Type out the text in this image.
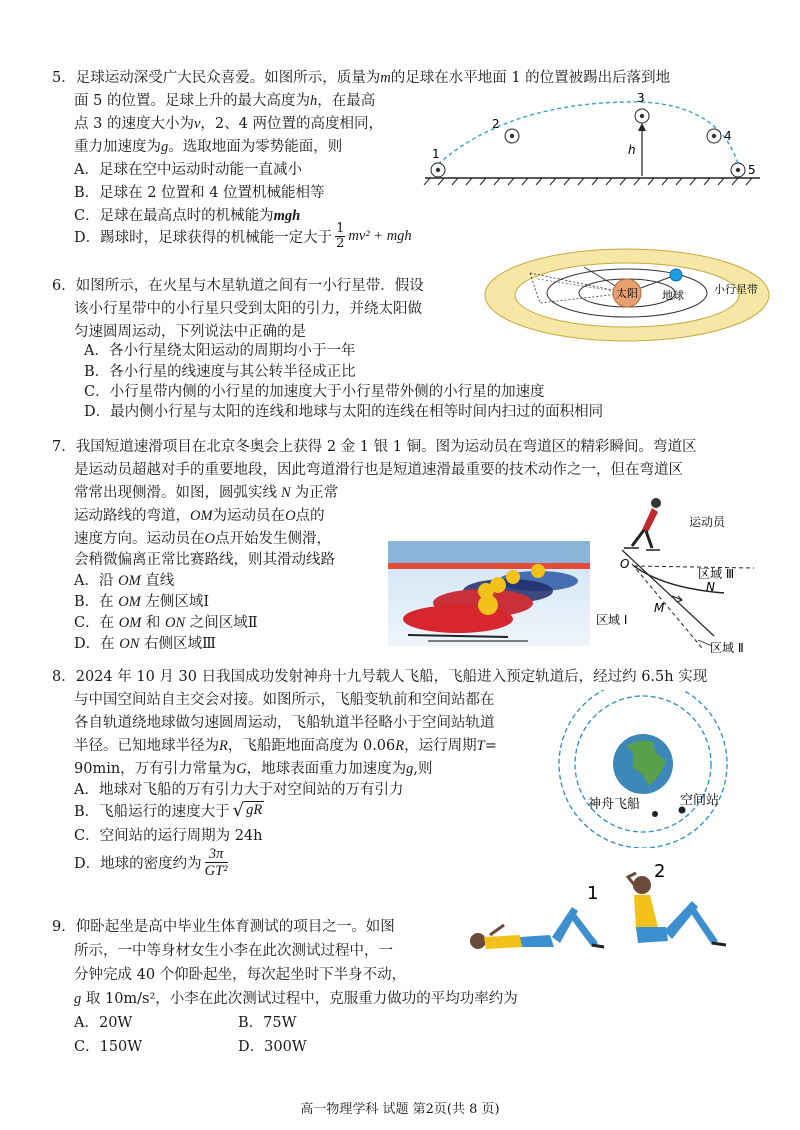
5．足球运动深受广大民众喜爱。如图所示，质量为m的足球在水平地面 1 的位置被踢出后落到地
面 5 的位置。足球上升的最大高度为h，在最高
点 3 的速度大小为v，2、4 两位置的高度相同，
重力加速度为g。选取地面为零势能面，则
A．足球在空中运动时动能一直减小
B．足球在 2 位置和 4 位置机械能相等
C．足球在最高点时的机械能为mgh
D．踢球时，足球获得的机械能一定大于 $\frac{1}{2} mv^2$ + mgh
1
2
3
4
5
h
6．如图所示，在火星与木星轨道之间有一小行星带．假设
该小行星带中的小行星只受到太阳的引力，并绕太阳做
匀速圆周运动，下列说法中正确的是
A．各小行星绕太阳运动的周期均小于一年
B．各小行星的线速度与其公转半径成正比
C．小行星带内侧的小行星的加速度大于小行星带外侧的小行星的加速度
D．最内侧小行星与太阳的连线和地球与太阳的连线在相等时间内扫过的面积相同
太阳 地球	小行星带
7．我国短道速滑项目在北京冬奥会上获得 2 金 1 银 1 铜。图为运动员在弯道区的精彩瞬间。弯道区
是运动员超越对手的重要地段，因此弯道滑行也是短道速滑最重要的技术动作之一，但在弯道区
常常出现侧滑。如图，圆弧实线 N 为正常
运动路线的弯道，OM为运动员在O点的
速度方向。运动员在O点开始发生侧滑，
会稍微偏离正常比赛路线，则其滑动线路
A．沿 OM 直线
B．在 OM 左侧区域Ⅰ
C．在 OM 和 ON 之间区域Ⅱ
D．在 ON 右侧区域Ⅲ
运动员
O
M
N
区域 Ⅰ
区域 Ⅱ
区域 Ⅲ
8．2024 年 10 月 30 日我国成功发射神舟十九号载人飞船，飞船进入预定轨道后，经过约 6.5h 实现
与中国空间站自主交会对接。如图所示，飞船变轨前和空间站都在
各自轨道绕地球做匀速圆周运动，飞船轨道半径略小于空间站轨道
半径。已知地球半径为R，飞船距地面高度为 0.06R，运行周期T=
90min，万有引力常量为G，地球表面重力加速度为g,则
A．地球对飞船的万有引力大于对空间站的万有引力
B．飞船运行的速度大于 √ gR
C．空间站的运行周期为 24h
D．地球的密度约为 $\frac{3\pi}{\text{GT²}}$
神舟飞船	空间站
9．仰卧起坐是高中毕业生体育测试的项目之一。如图
所示，一中等身材女生小李在此次测试过程中，一
分钟完成 40 个仰卧起坐，每次起坐时下半身不动，
g 取 10m/s²，小李在此次测试过程中，克服重力做功的平均功率约为
A．20W	B．75W
C．150W	D．300W
1
2
高一物理学科 试题 第2页(共 8 页)
